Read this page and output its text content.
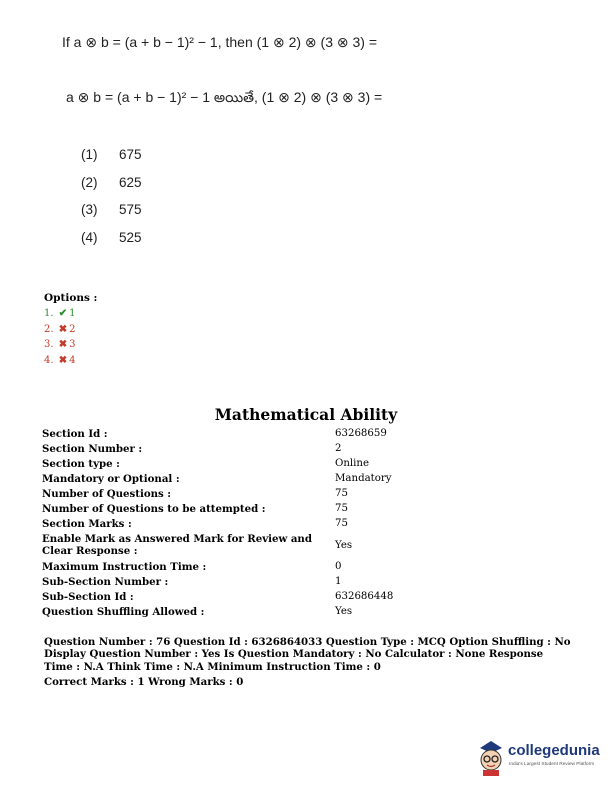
If a ⊗ b = (a + b − 1)² − 1, then (1 ⊗ 2) ⊗ (3 ⊗ 3) =
a ⊗ b = (a + b − 1)² − 1 అయితే, (1 ⊗ 2) ⊗ (3 ⊗ 3) =
(1) 675
(2) 625
(3) 575
(4) 525
Options :
1. ✔ 1
2. ✖ 2
3. ✖ 3
4. ✖ 4
Mathematical Ability
Section Id :	63268659
Section Number :	2
Section type :	Online
Mandatory or Optional :	Mandatory
Number of Questions :	75
Number of Questions to be attempted :	75
Section Marks :	75
Enable Mark as Answered Mark for Review and Clear Response :	Yes
Maximum Instruction Time :	0
Sub-Section Number :	1
Sub-Section Id :	632686448
Question Shuffling Allowed :	Yes

Question Number : 76 Question Id : 6326864033 Question Type : MCQ Option Shuffling : No Display Question Number : Yes Is Question Mandatory : No Calculator : None Response Time : N.A Think Time : N.A Minimum Instruction Time : 0

Correct Marks : 1 Wrong Marks : 0

collegedunia
India's Largest Student Review Platform
